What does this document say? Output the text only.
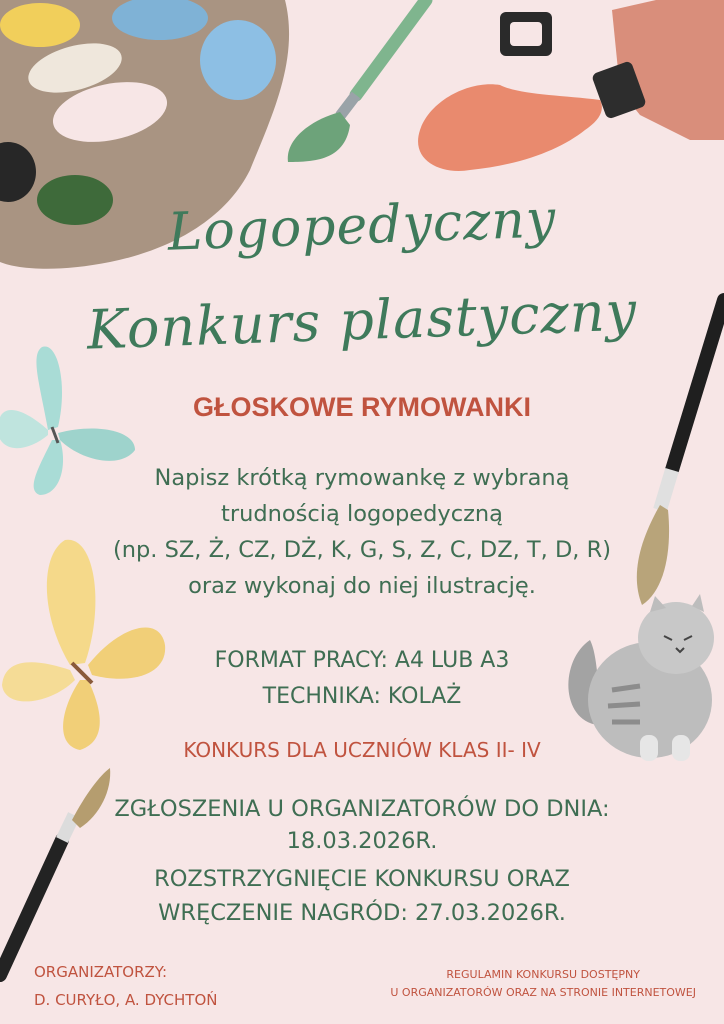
Logopedyczny
Konkurs plastyczny
GŁOSKOWE RYMOWANKI
Napisz krótką rymowankę z wybraną
trudnością logopedyczną
(np. SZ, Ż, CZ, DŻ, K, G, S, Z, C, DZ, T, D, R)
oraz wykonaj do niej ilustrację.
FORMAT PRACY: A4 LUB A3
TECHNIKA: KOLAŻ
KONKURS DLA UCZNIÓW KLAS II- IV
ZGŁOSZENIA U ORGANIZATORÓW DO DNIA:
18.03.2026R.
ROZSTRZYGNIĘCIE KONKURSU ORAZ
WRĘCZENIE NAGRÓD: 27.03.2026R.
ORGANIZATORZY:
D. CURYŁO, A. DYCHTOŃ
REGULAMIN KONKURSU DOSTĘPNY
U ORGANIZATORÓW ORAZ NA STRONIE INTERNETOWEJ
